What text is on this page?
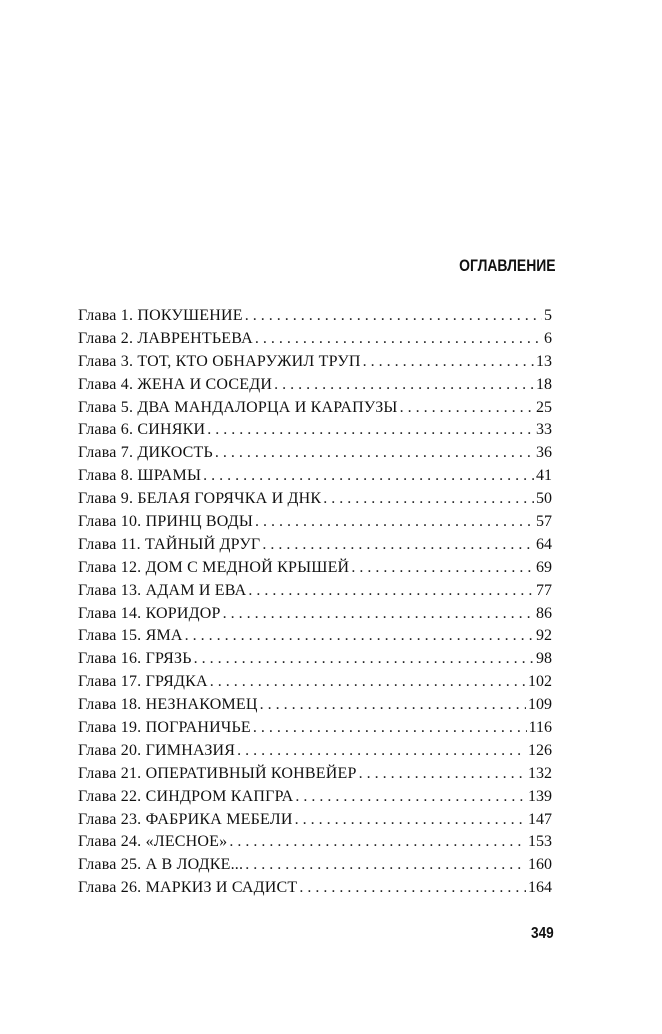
ОГЛАВЛЕНИЕ
Глава 1. ПОКУШЕНИЕ . . .	5
Глава 2. ЛАВРЕНТЬЕВА . . .	6
Глава 3. ТОТ, КТО ОБНАРУЖИЛ ТРУП . . .	13
Глава 4. ЖЕНА И СОСЕДИ . . .	18
Глава 5. ДВА МАНДАЛОРЦА И КАРАПУЗЫ . . .	25
Глава 6. СИНЯКИ . . .	33
Глава 7. ДИКОСТЬ . . .	36
Глава 8. ШРАМЫ . . .	41
Глава 9. БЕЛАЯ ГОРЯЧКА И ДНК . . .	50
Глава 10. ПРИНЦ ВОДЫ . . .	57
Глава 11. ТАЙНЫЙ ДРУГ . . .	64
Глава 12. ДОМ С МЕДНОЙ КРЫШЕЙ . . .	69
Глава 13. АДАМ И ЕВА . . .	77
Глава 14. КОРИДОР . . .	86
Глава 15. ЯМА . . .	92
Глава 16. ГРЯЗЬ . . .	98
Глава 17. ГРЯДКА . . .	102
Глава 18. НЕЗНАКОМЕЦ . . .	109
Глава 19. ПОГРАНИЧЬЕ . . .	116
Глава 20. ГИМНАЗИЯ . . .	126
Глава 21. ОПЕРАТИВНЫЙ КОНВЕЙЕР . . .	132
Глава 22. СИНДРОМ КАПГРА . . .	139
Глава 23. ФАБРИКА МЕБЕЛИ . . .	147
Глава 24. «ЛЕСНОЕ» . . .	153
Глава 25. А В ЛОДКЕ... . . .	160
Глава 26. МАРКИЗ И САДИСТ . . .	164
349
